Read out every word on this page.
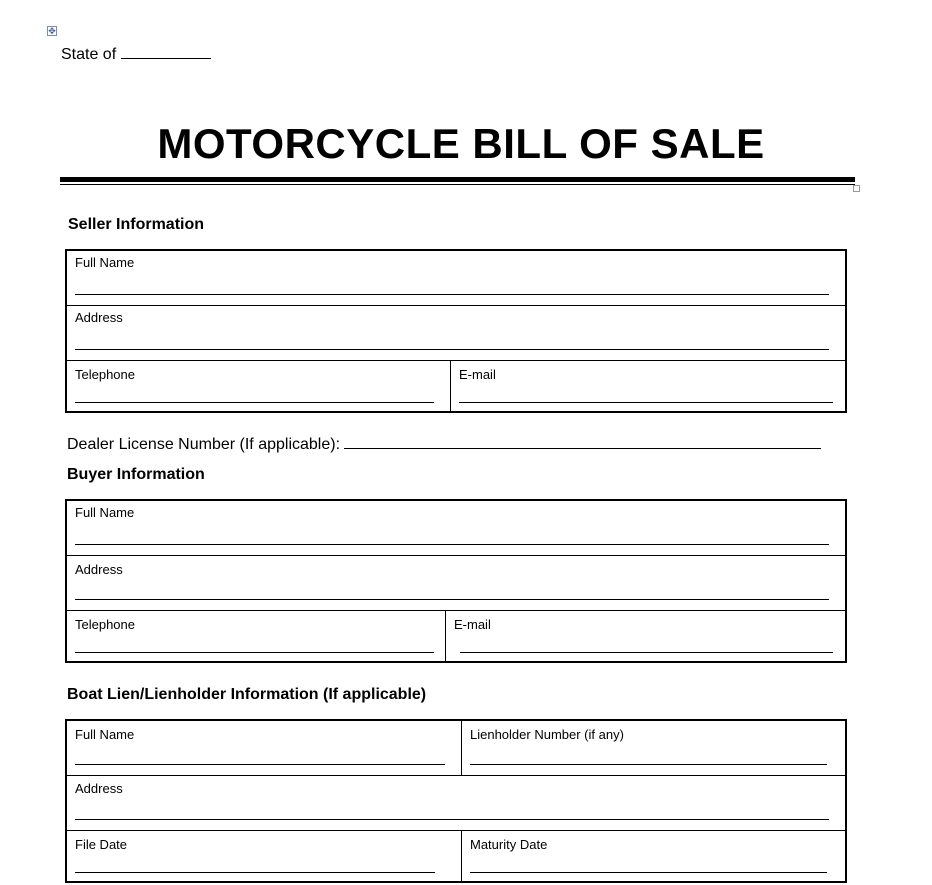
✥
State of
MOTORCYCLE BILL OF SALE
Seller Information
Full Name
Address
Telephone	E-mail
Dealer License Number (If applicable):
Buyer Information
Full Name
Address
Telephone	E-mail
Boat Lien/Lienholder Information (If applicable)
Full Name	Lienholder Number (if any)
Address
File Date	Maturity Date
